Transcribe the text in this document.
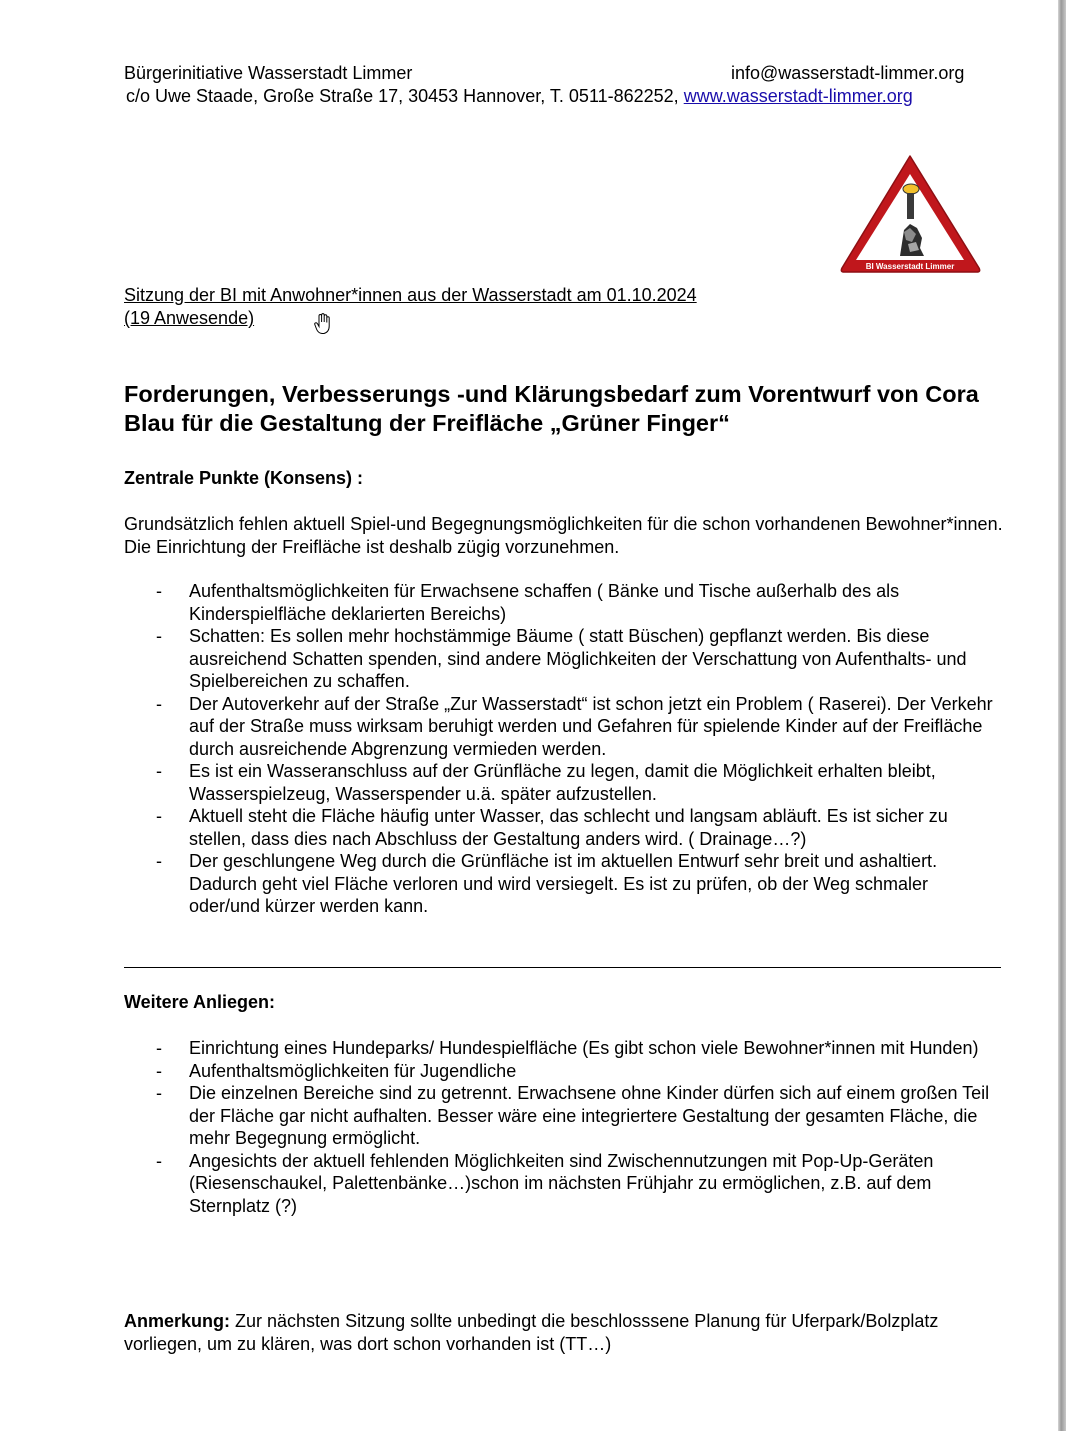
Bürgerinitiative Wasserstadt Limmer	info@wasserstadt-limmer.org
c/o Uwe Staade, Große Straße 17, 30453 Hannover, T. 0511-862252, www.wasserstadt-limmer.org
BI Wasserstadt Limmer
Sitzung der BI mit Anwohner*innen aus der Wasserstadt am 01.10.2024
(19 Anwesende)
Forderungen, Verbesserungs -und Klärungsbedarf zum Vorentwurf von Cora Blau für die Gestaltung der Freifläche „Grüner Finger“
Zentrale Punkte (Konsens) :
Grundsätzlich fehlen aktuell Spiel-und Begegnungsmöglichkeiten für die schon vorhandenen Bewohner*innen. Die Einrichtung der Freifläche ist deshalb zügig vorzunehmen.
- Aufenthaltsmöglichkeiten für Erwachsene schaffen ( Bänke und Tische außerhalb des als Kinderspielfläche deklarierten Bereichs)
- Schatten: Es sollen mehr hochstämmige Bäume ( statt Büschen) gepflanzt werden. Bis diese ausreichend Schatten spenden, sind andere Möglichkeiten der Verschattung von Aufenthalts- und Spielbereichen zu schaffen.
- Der Autoverkehr auf der Straße „Zur Wasserstadt“ ist schon jetzt ein Problem ( Raserei). Der Verkehr auf der Straße muss wirksam beruhigt werden und Gefahren für spielende Kinder auf der Freifläche durch ausreichende Abgrenzung vermieden werden.
- Es ist ein Wasseranschluss auf der Grünfläche zu legen, damit die Möglichkeit erhalten bleibt, Wasserspielzeug, Wasserspender u.ä. später aufzustellen.
- Aktuell steht die Fläche häufig unter Wasser, das schlecht und langsam abläuft. Es ist sicher zu stellen, dass dies nach Abschluss der Gestaltung anders wird. ( Drainage…?)
- Der geschlungene Weg durch die Grünfläche ist im aktuellen Entwurf sehr breit und ashaltiert. Dadurch geht viel Fläche verloren und wird versiegelt. Es ist zu prüfen, ob der Weg schmaler oder/und kürzer werden kann.
Weitere Anliegen:
- Einrichtung eines Hundeparks/ Hundespielfläche (Es gibt schon viele Bewohner*innen mit Hunden)
- Aufenthaltsmöglichkeiten für Jugendliche
- Die einzelnen Bereiche sind zu getrennt. Erwachsene ohne Kinder dürfen sich auf einem großen Teil der Fläche gar nicht aufhalten. Besser wäre eine integriertere Gestaltung der gesamten Fläche, die mehr Begegnung ermöglicht.
- Angesichts der aktuell fehlenden Möglichkeiten sind Zwischennutzungen mit Pop-Up-Geräten (Riesenschaukel, Palettenbänke…)schon im nächsten Frühjahr zu ermöglichen, z.B. auf dem Sternplatz (?)
Anmerkung: Zur nächsten Sitzung sollte unbedingt die beschlosssene Planung für Uferpark/Bolzplatz vorliegen, um zu klären, was dort schon vorhanden ist (TT…)
